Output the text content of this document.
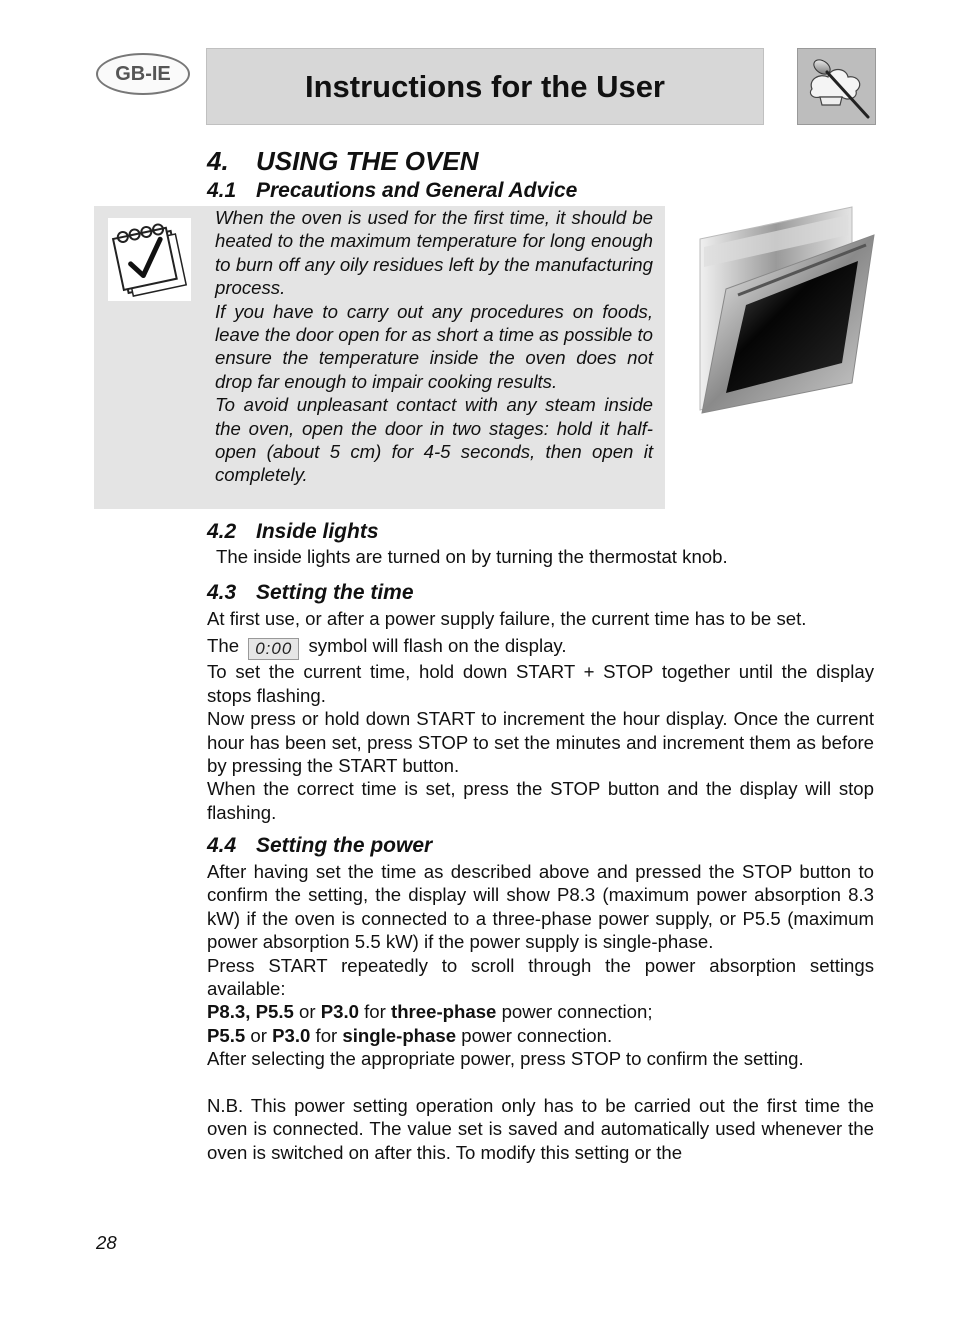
GB-IE	Instructions for the User
4. USING THE OVEN
4.1 Precautions and General Advice

When the oven is used for the first time, it should be heated to the maximum temperature for long enough to burn off any oily residues left by the manufacturing process.

If you have to carry out any procedures on foods, leave the door open for as short a time as possible to ensure the temperature inside the oven does not drop far enough to impair cooking results.

To avoid unpleasant contact with any steam inside the oven, open the door in two stages: hold it half-open (about 5 cm) for 4-5 seconds, then open it completely.

4.2 Inside lights
The inside lights are turned on by turning the thermostat knob.
4.3 Setting the time

At first use, or after a power supply failure, the current time has to be set.

The 0:00 symbol will flash on the display.

To set the current time, hold down START + STOP together until the display stops flashing.

Now press or hold down START to increment the hour display. Once the current hour has been set, press STOP to set the minutes and increment them as before by pressing the START button.

When the correct time is set, press the STOP button and the display will stop flashing.

4.4 Setting the power

After having set the time as described above and pressed the STOP button to confirm the setting, the display will show P8.3 (maximum power absorption 8.3 kW) if the oven is connected to a three-phase power supply, or P5.5 (maximum power absorption 5.5 kW) if the power supply is single-phase.

Press START repeatedly to scroll through the power absorption settings available:

P8.3, P5.5 or P3.0 for three-phase power connection;

P5.5 or P3.0 for single-phase power connection.

After selecting the appropriate power, press STOP to confirm the setting.

N.B. This power setting operation only has to be carried out the first time the oven is connected. The value set is saved and automatically used whenever the oven is switched on after this. To modify this setting or the

28
